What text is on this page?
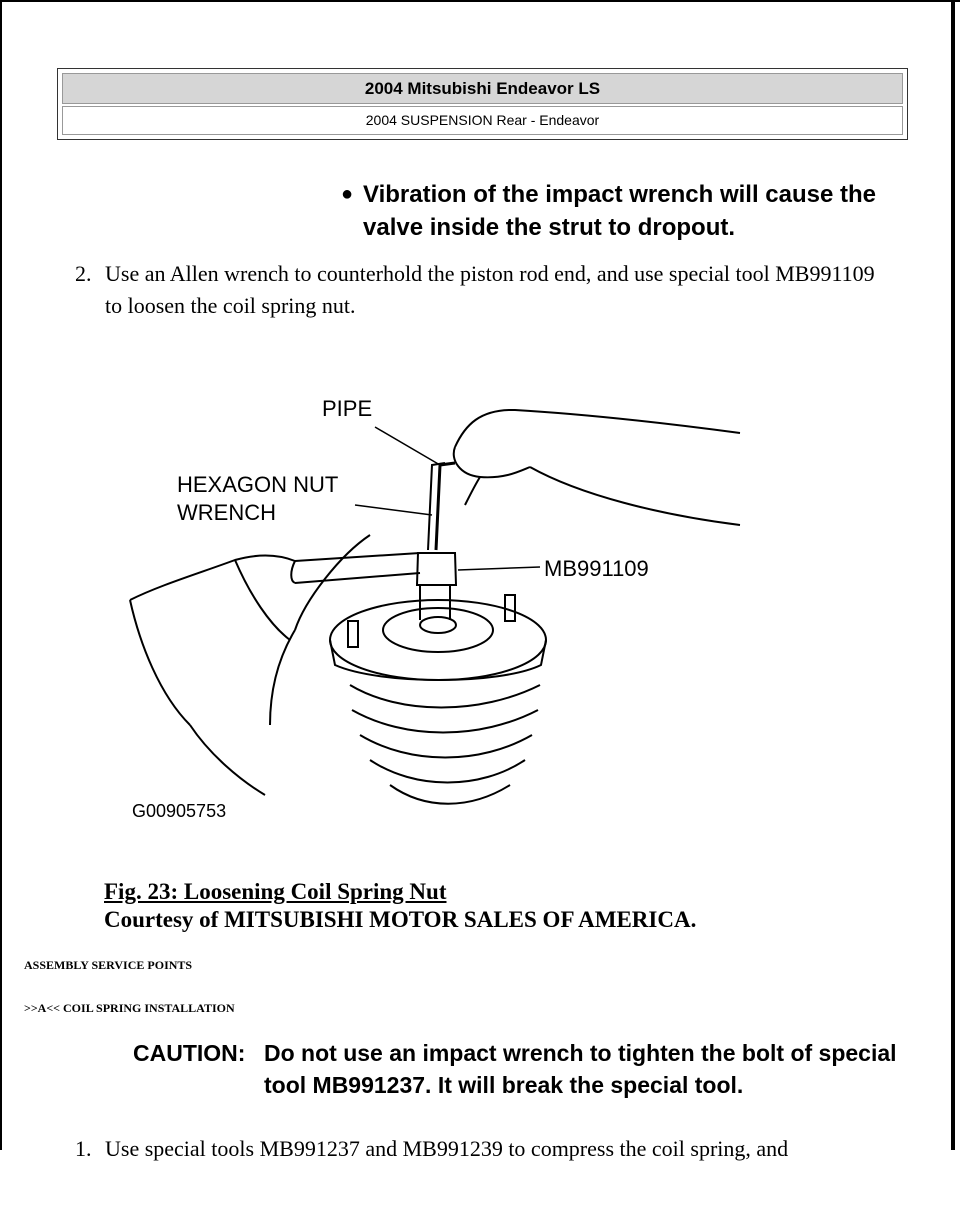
2004 Mitsubishi Endeavor LS
2004 SUSPENSION Rear - Endeavor
● Vibration of the impact wrench will cause the valve inside the strut to dropout.
2. Use an Allen wrench to counterhold the piston rod end, and use special tool MB991109 to loosen the coil spring nut.
PIPE
HEXAGON NUT
WRENCH
MB991109
G00905753
Fig. 23: Loosening Coil Spring Nut
Courtesy of MITSUBISHI MOTOR SALES OF AMERICA.
ASSEMBLY SERVICE POINTS
>>A<< COIL SPRING INSTALLATION
CAUTION: Do not use an impact wrench to tighten the bolt of special tool MB991237. It will break the special tool.
1. Use special tools MB991237 and MB991239 to compress the coil spring, and
